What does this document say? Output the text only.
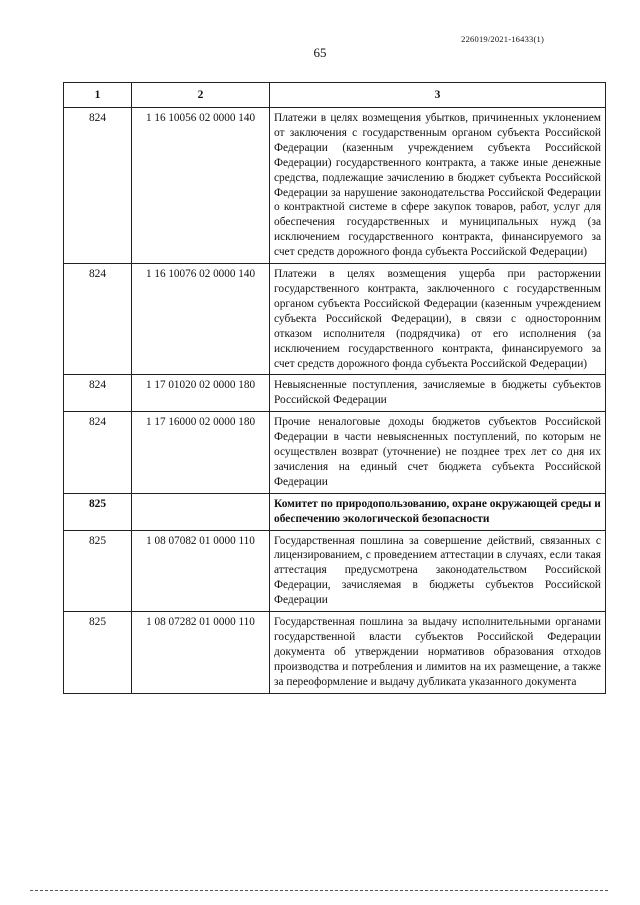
226019/2021-16433(1)
65
1	2	3
824	1 16 10056 02 0000 140	Платежи в целях возмещения убытков, причиненных уклонением от заключения с государственным органом субъекта Российской Федерации (казенным учреждением субъекта Российской Федерации) государственного контракта, а также иные денежные средства, подлежащие зачислению в бюджет субъекта Российской Федерации за нарушение законодательства Российской Федерации о контрактной системе в сфере закупок товаров, работ, услуг для обеспечения государственных и муниципальных нужд (за исключением государственного контракта, финансируемого за счет средств дорожного фонда субъекта Российской Федерации)
824	1 16 10076 02 0000 140	Платежи в целях возмещения ущерба при расторжении государственного контракта, заключенного с государственным органом субъекта Российской Федерации (казенным учреждением субъекта Российской Федерации), в связи с односторонним отказом исполнителя (подрядчика) от его исполнения (за исключением государственного контракта, финансируемого за счет средств дорожного фонда субъекта Российской Федерации)
824	1 17 01020 02 0000 180	Невыясненные поступления, зачисляемые в бюджеты субъектов Российской Федерации
824	1 17 16000 02 0000 180	Прочие неналоговые доходы бюджетов субъектов Российской Федерации в части невыясненных поступлений, по которым не осуществлен возврат (уточнение) не позднее трех лет со дня их зачисления на единый счет бюджета субъекта Российской Федерации
825		Комитет по природопользованию, охране окружающей среды и обеспечению экологической безопасности
825	1 08 07082 01 0000 110	Государственная пошлина за совершение действий, связанных с лицензированием, с проведением аттестации в случаях, если такая аттестация предусмотрена законодательством Российской Федерации, зачисляемая в бюджеты субъектов Российской Федерации
825	1 08 07282 01 0000 110	Государственная пошлина за выдачу исполнительными органами государственной власти субъектов Российской Федерации документа об утверждении нормативов образования отходов производства и потребления и лимитов на их размещение, а также за переоформление и выдачу дубликата указанного документа
